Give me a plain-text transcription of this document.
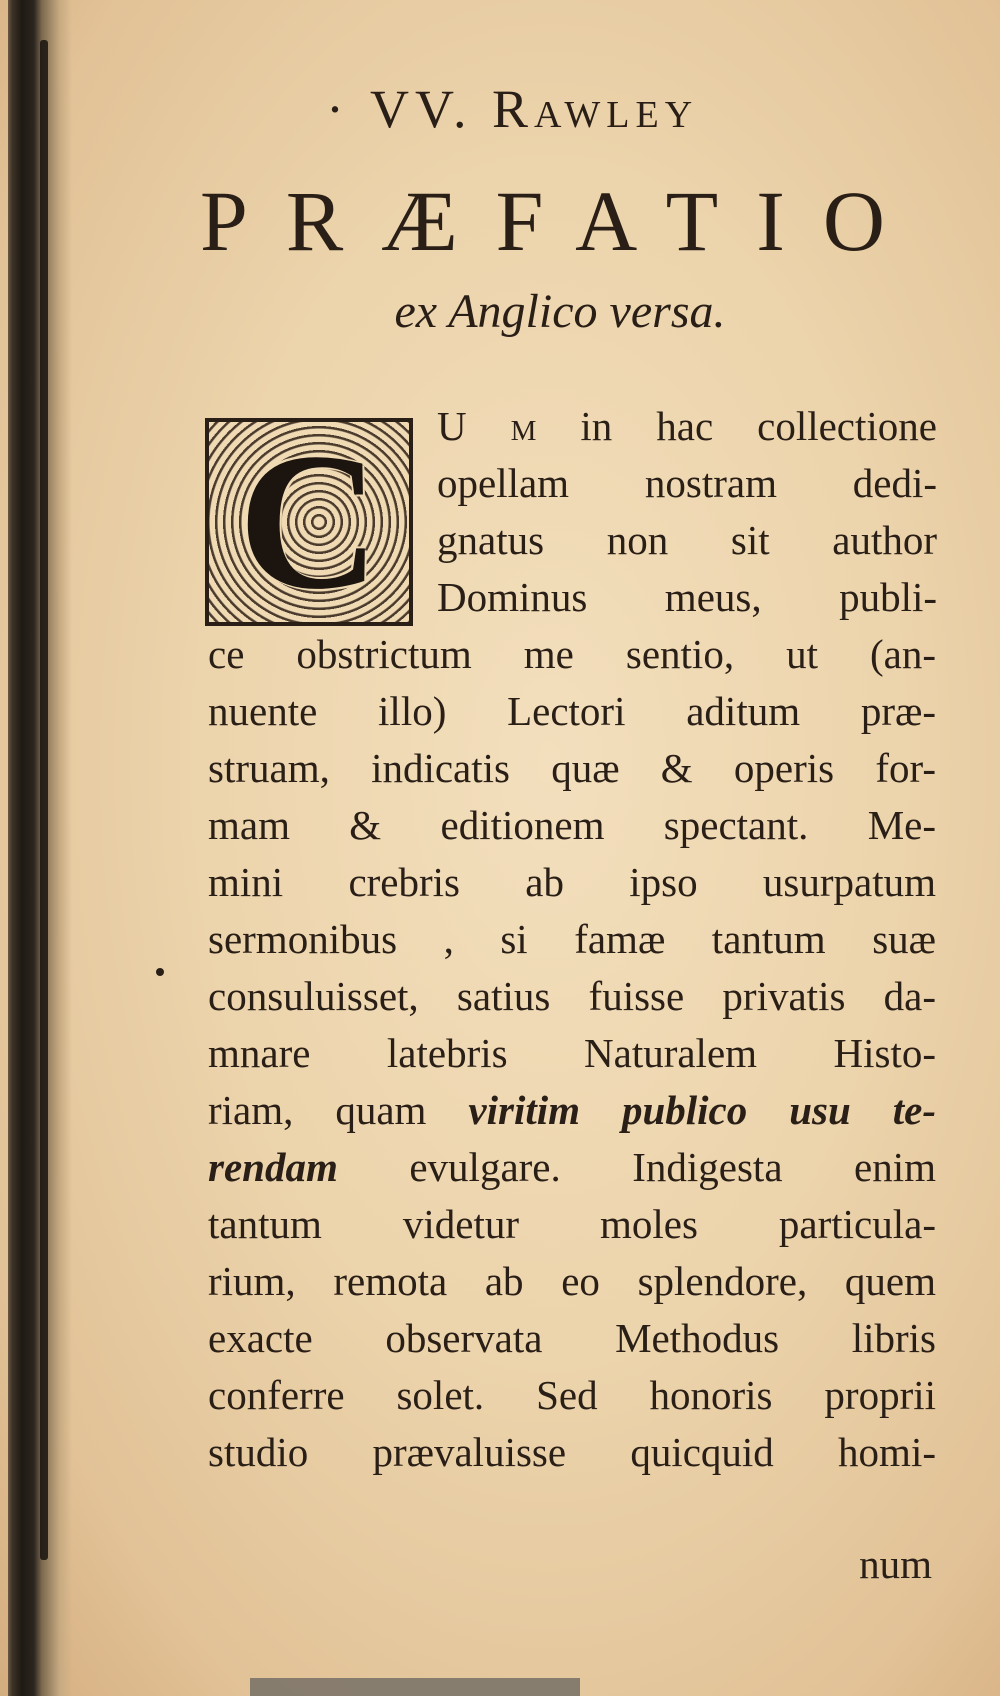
· VV. Rawley
PRÆFATIO
ex Anglico versa.
C	U m in hac collectione
opellam nostram dedi-
gnatus non sit author
Dominus meus, publi-
ce obstrictum me sentio, ut (an-
nuente illo) Lectori aditum præ-
struam, indicatis quæ & operis for-
mam & editionem spectant. Me-
mini crebris ab ipso usurpatum
sermonibus , si famæ tantum suæ
consuluisset, satius fuisse privatis da-
mnare latebris Naturalem Histo-
riam, quam viritim publico usu te-
rendam evulgare. Indigesta enim
tantum videtur moles particula-
rium, remota ab eo splendore, quem
exacte observata Methodus libris
conferre solet. Sed honoris proprii
studio prævaluisse quicquid homi-
num
